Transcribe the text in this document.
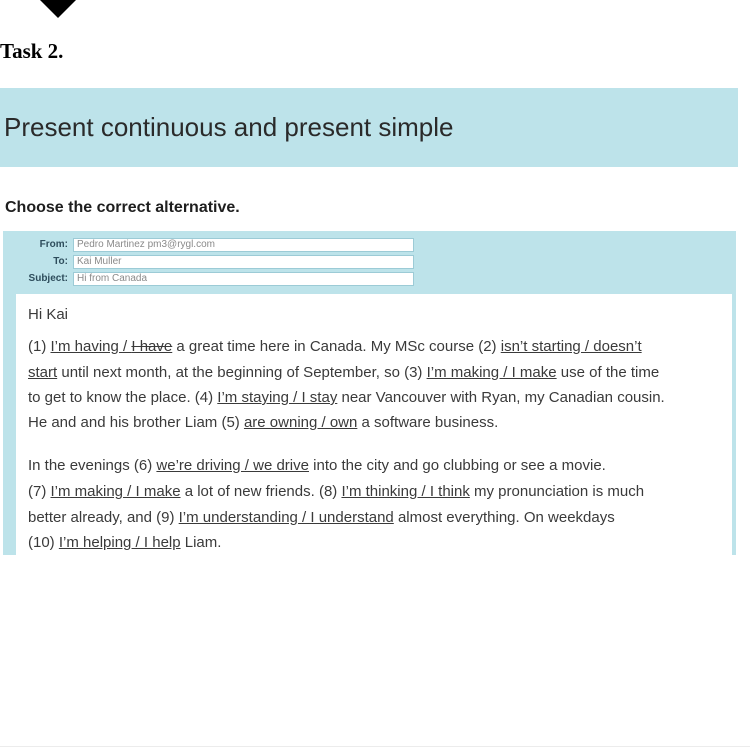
Task 2.
Present continuous and present simple
Choose the correct alternative.
From: Pedro Martinez pm3@rygl.com
To: Kai Muller
Subject: Hi from Canada
Hi Kai
(1) I’m having / I have a great time here in Canada. My MSc course (2) isn’t starting / doesn’t
start until next month, at the beginning of September, so (3) I’m making / I make use of the time
to get to know the place. (4) I’m staying / I stay near Vancouver with Ryan, my Canadian cousin.
He and and his brother Liam (5) are owning / own a software business.
In the evenings (6) we’re driving / we drive into the city and go clubbing or see a movie.
(7) I’m making / I make a lot of new friends. (8) I’m thinking / I think my pronunciation is much
better already, and (9) I’m understanding / I understand almost everything. On weekdays
(10) I’m helping / I help Liam.
